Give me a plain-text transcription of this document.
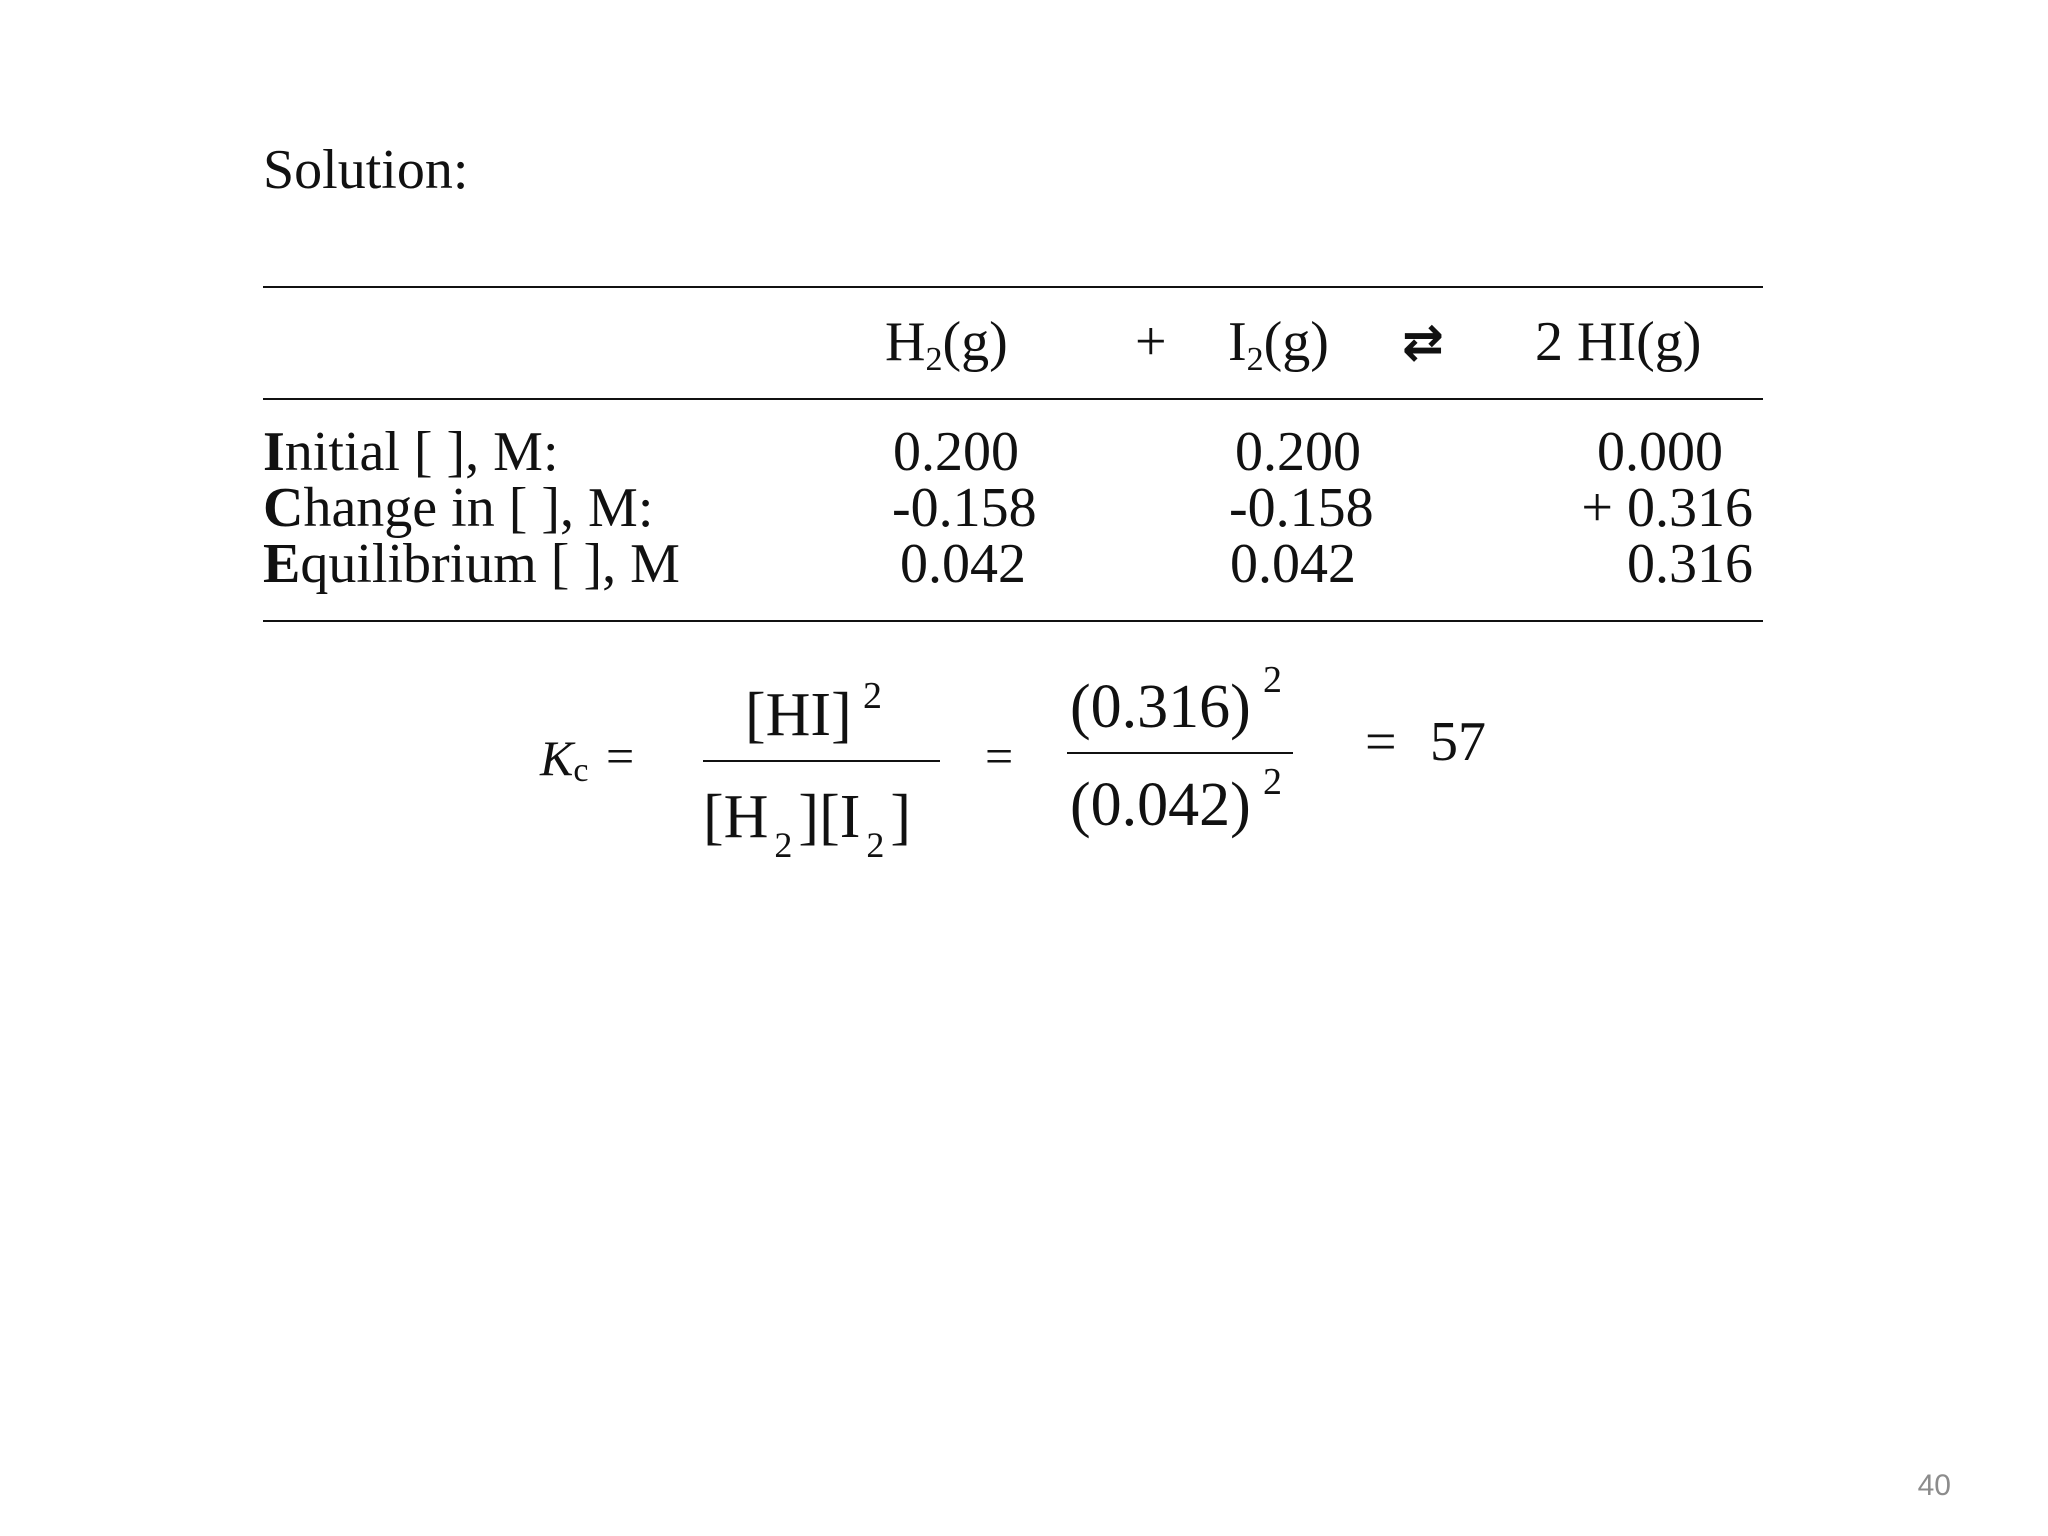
Solution:
$H_2(g) + I_2(g)$ ⇄ 2 HI(g)
Initial [ ], M:
Change in [ ], M:
Equilibrium [ ], M
0.200
-0.158
0.042
0.200
-0.158
0.042
0.000
+ 0.316
0.316
Kc =
[HI] 2
[H 2][I 2]
=
(0.316) 2
(0.042) 2
= 57
40
